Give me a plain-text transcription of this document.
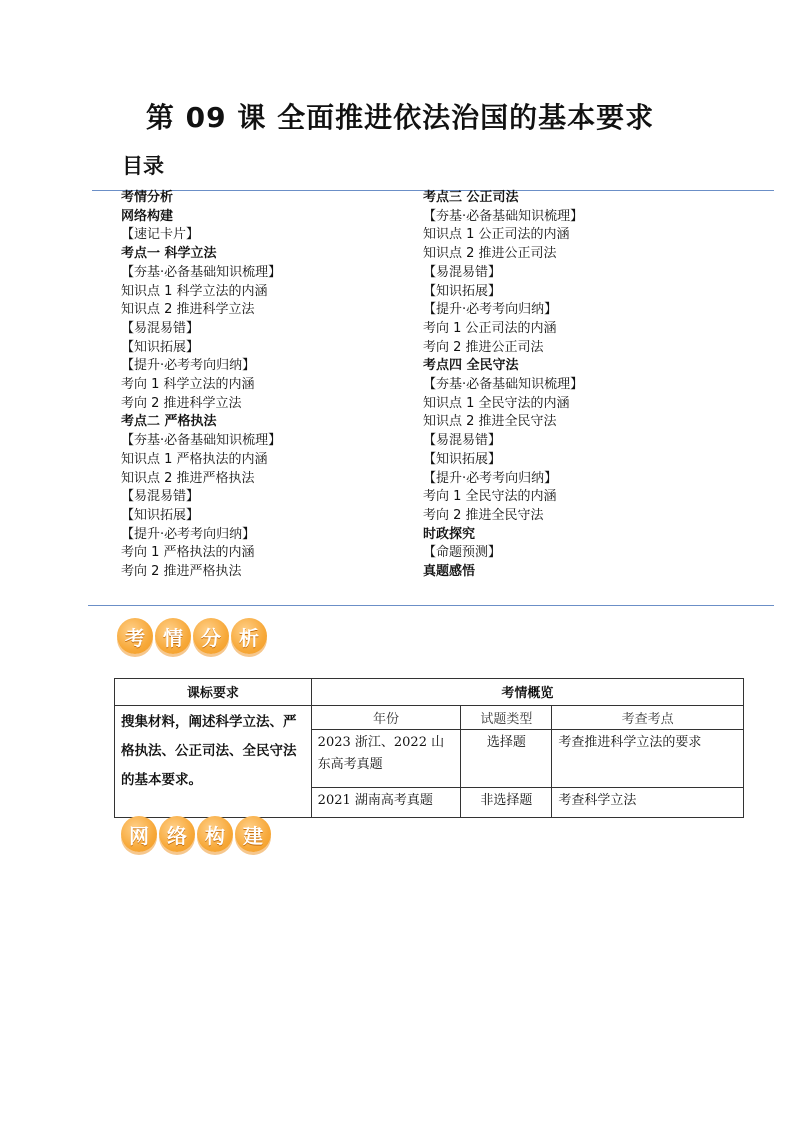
第 09 课 全面推进依法治国的基本要求
目录
考情分析
网络构建
【速记卡片】
考点一 科学立法
【夯基·必备基础知识梳理】
知识点 1 科学立法的内涵
知识点 2 推进科学立法
【易混易错】
【知识拓展】
【提升·必考考向归纳】
考向 1 科学立法的内涵
考向 2 推进科学立法
考点二 严格执法
【夯基·必备基础知识梳理】
知识点 1 严格执法的内涵
知识点 2 推进严格执法
【易混易错】
【知识拓展】
【提升·必考考向归纳】
考向 1 严格执法的内涵
考向 2 推进严格执法
考点三 公正司法
【夯基·必备基础知识梳理】
知识点 1 公正司法的内涵
知识点 2 推进公正司法
【易混易错】
【知识拓展】
【提升·必考考向归纳】
考向 1 公正司法的内涵
考向 2 推进公正司法
考点四 全民守法
【夯基·必备基础知识梳理】
知识点 1 全民守法的内涵
知识点 2 推进全民守法
【易混易错】
【知识拓展】
【提升·必考考向归纳】
考向 1 全民守法的内涵
考向 2 推进全民守法
时政探究
【命题预测】
真题感悟
考 情 分 析
课标要求	考情概览		
搜集材料，阐述科学立法、严格执法、公正司法、全民守法的基本要求。	年份	试题类型	考查考点
	2023 浙江、2022 山东高考真题	选择题	考查推进科学立法的要求
	2021 湖南高考真题	非选择题	考查科学立法
网 络 构 建
